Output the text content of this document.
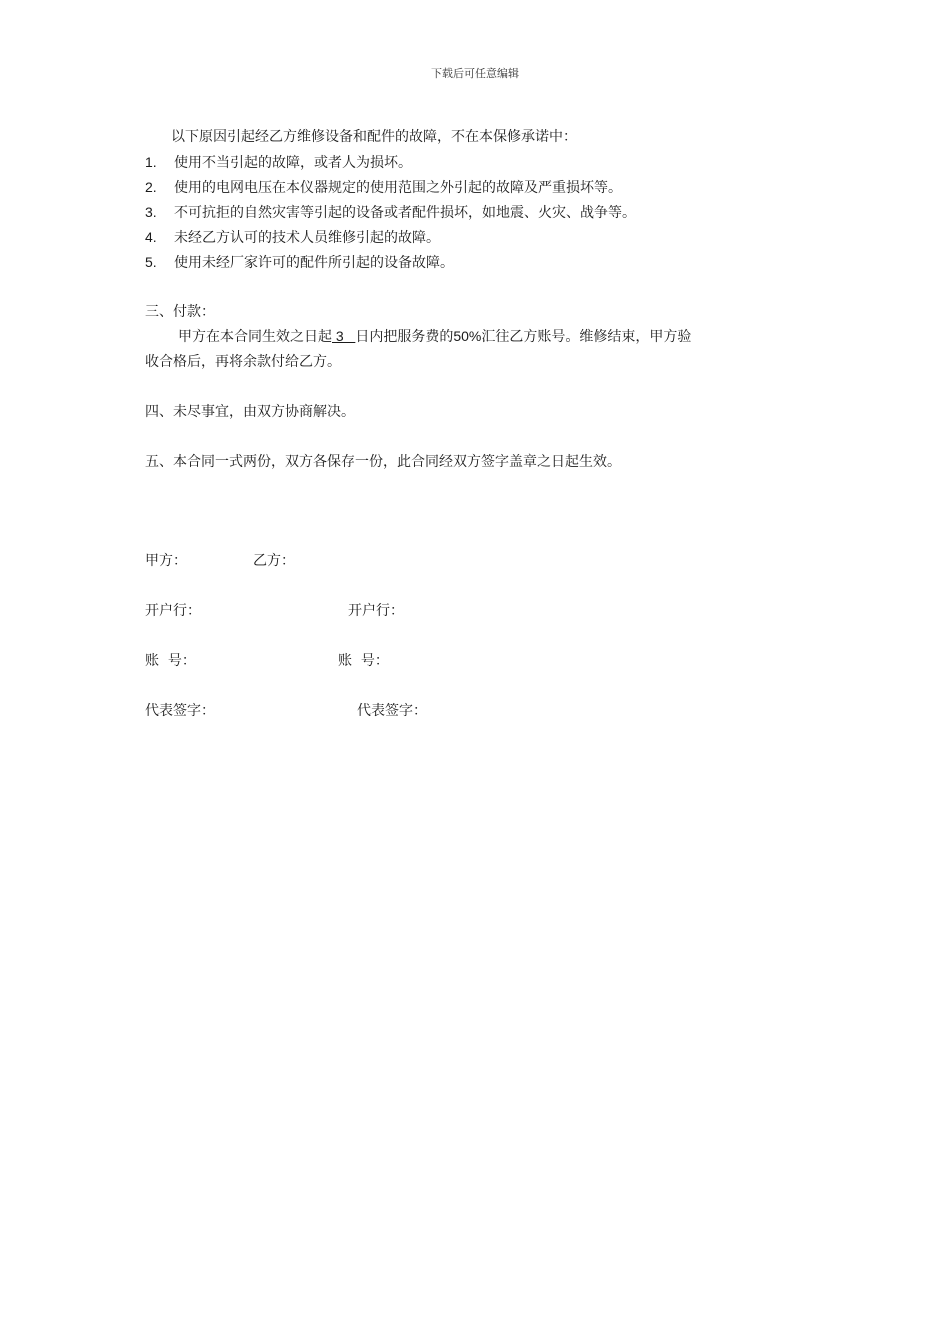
下载后可任意编辑
以下原因引起经乙方维修设备和配件的故障，不在本保修承诺中：
1. 使用不当引起的故障，或者人为损坏。
2. 使用的电网电压在本仪器规定的使用范围之外引起的故障及严重损坏等。
3. 不可抗拒的自然灾害等引起的设备或者配件损坏，如地震、火灾、战争等。
4. 未经乙方认可的技术人员维修引起的故障。
5. 使用未经厂家许可的配件所引起的设备故障。
三、付款：
甲方在本合同生效之日起 3   日内把服务费的50%汇往乙方账号。维修结束，甲方验
收合格后，再将余款付给乙方。
四、未尽事宜，由双方协商解决。
五、本合同一式两份，双方各保存一份，此合同经双方签字盖章之日起生效。
甲方：	乙方：
开户行：	开户行：
账  号：	账  号：
代表签字：	代表签字：
